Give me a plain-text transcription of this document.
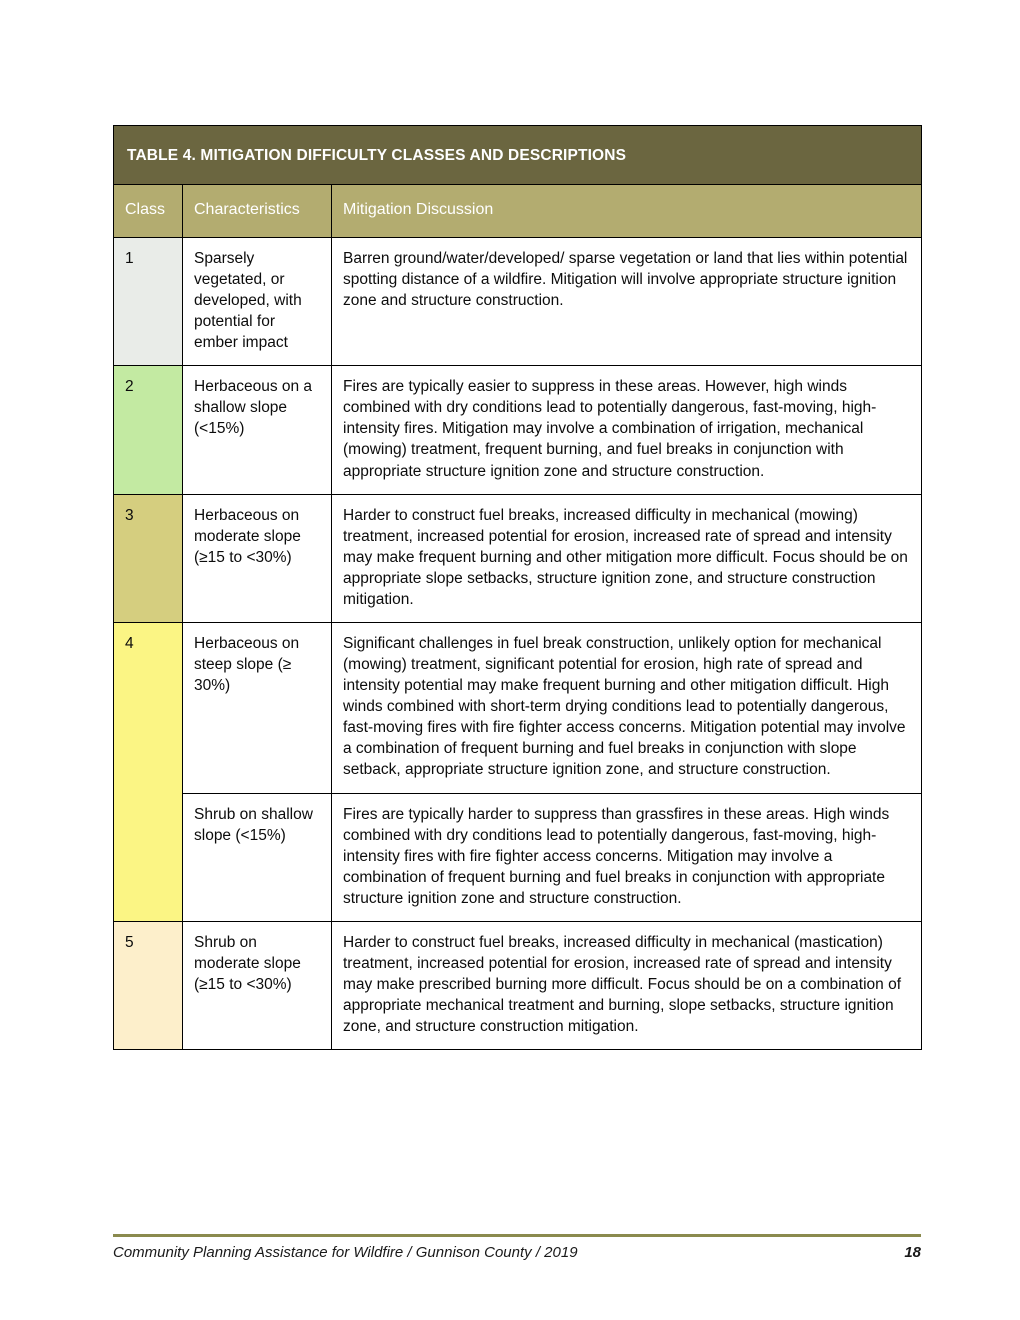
TABLE 4. MITIGATION DIFFICULTY CLASSES AND DESCRIPTIONS		
Class	Characteristics	Mitigation Discussion
1	Sparsely vegetated, or developed, with potential for ember impact	Barren ground/water/developed/ sparse vegetation or land that lies within potential spotting distance of a wildfire. Mitigation will involve appropriate structure ignition zone and structure construction.
2	Herbaceous on a shallow slope (<15%)	Fires are typically easier to suppress in these areas. However, high winds combined with dry conditions lead to potentially dangerous, fast-moving, high-intensity fires. Mitigation may involve a combination of irrigation, mechanical (mowing) treatment, frequent burning, and fuel breaks in conjunction with appropriate structure ignition zone and structure construction.
3	Herbaceous on moderate slope (≥15 to <30%)	Harder to construct fuel breaks, increased difficulty in mechanical (mowing) treatment, increased potential for erosion, increased rate of spread and intensity may make frequent burning and other mitigation more difficult. Focus should be on appropriate slope setbacks, structure ignition zone, and structure construction mitigation.
4	Herbaceous on steep slope (≥ 30%)	Significant challenges in fuel break construction, unlikely option for mechanical (mowing) treatment, significant potential for erosion, high rate of spread and intensity potential may make frequent burning and other mitigation difficult. High winds combined with short-term drying conditions lead to potentially dangerous, fast-moving fires with fire fighter access concerns. Mitigation potential may involve a combination of frequent burning and fuel breaks in conjunction with slope setback, appropriate structure ignition zone, and structure construction.
	Shrub on shallow slope (<15%)	Fires are typically harder to suppress than grassfires in these areas. High winds combined with dry conditions lead to potentially dangerous, fast-moving, high-intensity fires with fire fighter access concerns. Mitigation may involve a combination of frequent burning and fuel breaks in conjunction with appropriate structure ignition zone and structure construction.
5	Shrub on moderate slope (≥15 to <30%)	Harder to construct fuel breaks, increased difficulty in mechanical (mastication) treatment, increased potential for erosion, increased rate of spread and intensity may make prescribed burning more difficult. Focus should be on a combination of appropriate mechanical treatment and burning, slope setbacks, structure ignition zone, and structure construction mitigation.
Community Planning Assistance for Wildfire / Gunnison County / 2019	18
